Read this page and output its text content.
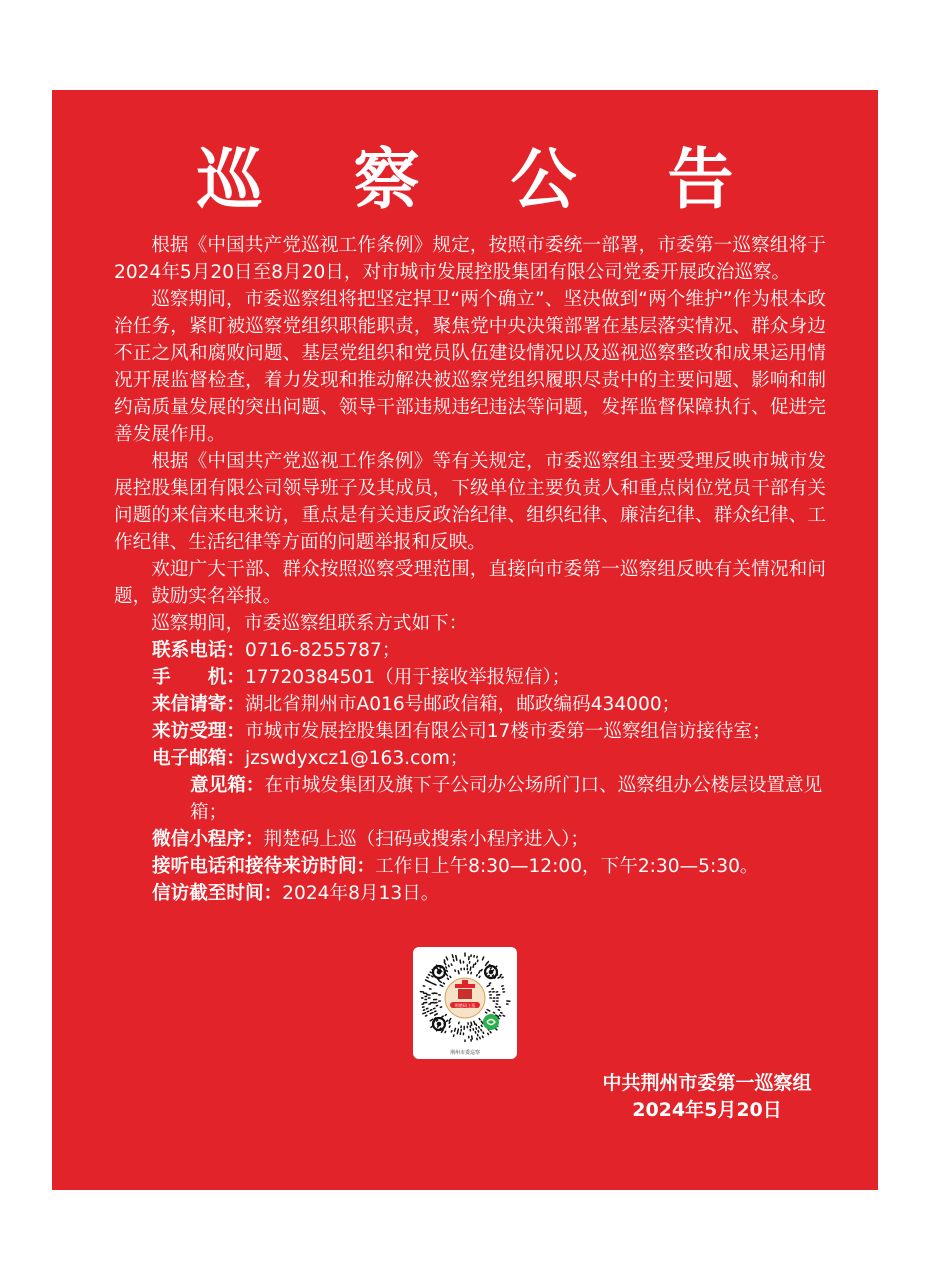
巡 察 公 告

根据《中国共产党巡视工作条例》规定，按照市委统一部署，市委第一巡察组将于2024年5月20日至8月20日，对市城市发展控股集团有限公司党委开展政治巡察。

巡察期间，市委巡察组将把坚定捍卫“两个确立”、坚决做到“两个维护”作为根本政治任务，紧盯被巡察党组织职能职责，聚焦党中央决策部署在基层落实情况、群众身边不正之风和腐败问题、基层党组织和党员队伍建设情况以及巡视巡察整改和成果运用情况开展监督检查，着力发现和推动解决被巡察党组织履职尽责中的主要问题、影响和制约高质量发展的突出问题、领导干部违规违纪违法等问题，发挥监督保障执行、促进完善发展作用。

根据《中国共产党巡视工作条例》等有关规定，市委巡察组主要受理反映市城市发展控股集团有限公司领导班子及其成员，下级单位主要负责人和重点岗位党员干部有关问题的来信来电来访，重点是有关违反政治纪律、组织纪律、廉洁纪律、群众纪律、工作纪律、生活纪律等方面的问题举报和反映。

欢迎广大干部、群众按照巡察受理范围，直接向市委第一巡察组反映有关情况和问题，鼓励实名举报。

巡察期间，市委巡察组联系方式如下：

联系电话：0716-8255787；
手　　机：17720384501（用于接收举报短信）；
来信请寄：湖北省荆州市A016号邮政信箱，邮政编码434000；
来访受理：市城市发展控股集团有限公司17楼市委第一巡察组信访接待室；
电子邮箱：jzswdyxcz1@163.com；
意见箱：在市城发集团及旗下子公司办公场所门口、巡察组办公楼层设置意见箱；
微信小程序：荆楚码上巡（扫码或搜索小程序进入）；
接听电话和接待来访时间：工作日上午8:30—12:00，下午2:30—5:30。
信访截至时间：2024年8月13日。
荆楚码上巡
荆州市委巡察
中共荆州市委第一巡察组
2024年5月20日
